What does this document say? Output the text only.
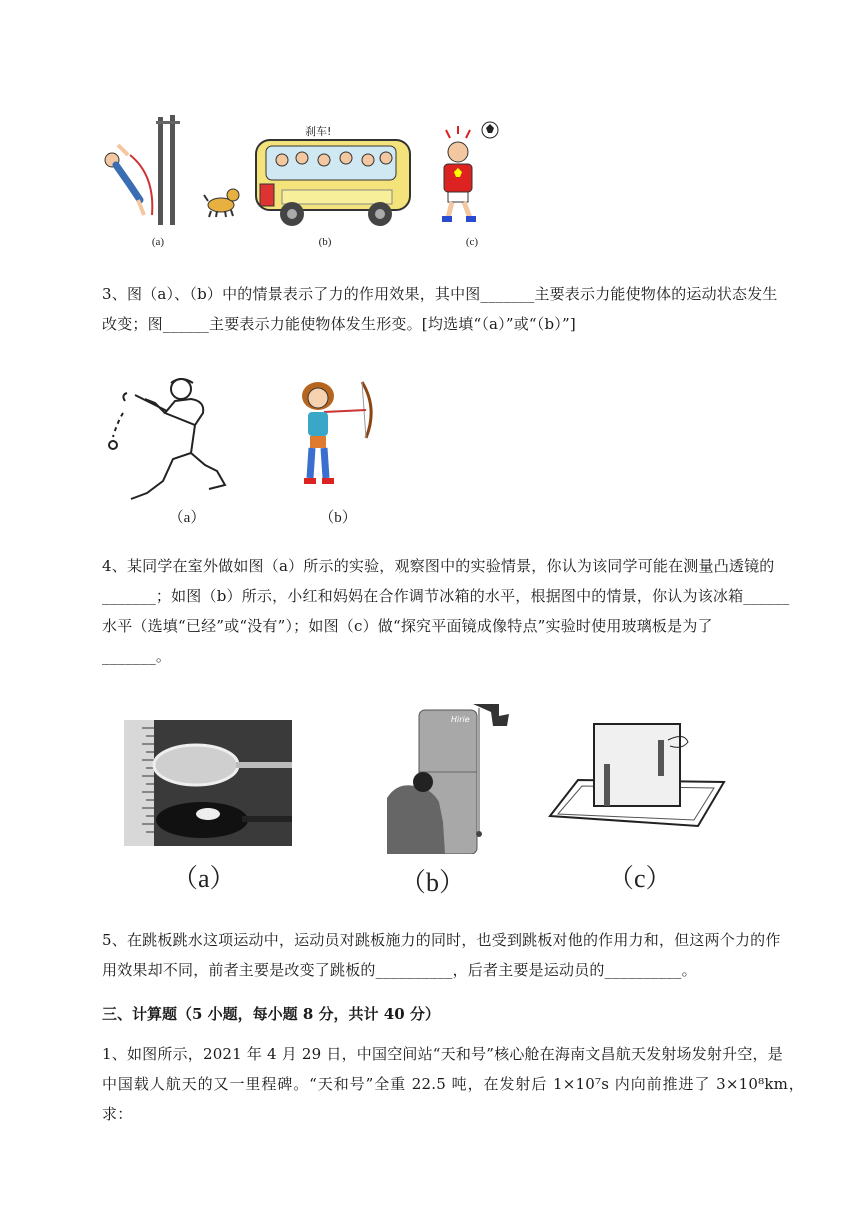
刹车!
(a)	(b)	(c)
3、图（a）、（b）中的情景表示了力的作用效果，其中图_______主要表示力能使物体的运动状态发生
改变；图______主要表示力能使物体发生形变。[均选填“（a）”或“（b）”]
（a）	（b）
4、某同学在室外做如图（a）所示的实验，观察图中的实验情景，你认为该同学可能在测量凸透镜的
_______；如图（b）所示，小红和妈妈在合作调节冰箱的水平，根据图中的情景，你认为该冰箱______
水平（选填“已经”或“没有”）；如图（c）做“探究平面镜成像特点”实验时使用玻璃板是为了
_______。
Hirie
（a）	（b）	（c）
5、在跳板跳水这项运动中，运动员对跳板施力的同时，也受到跳板对他的作用力和，但这两个力的作
用效果却不同，前者主要是改变了跳板的__________，后者主要是运动员的__________。
三、计算题（5 小题，每小题 8 分，共计 40 分）
1、如图所示，2021 年 4 月 29 日，中国空间站“天和号”核心舱在海南文昌航天发射场发射升空，是
中国载人航天的又一里程碑。“天和号”全重 22.5 吨，在发射后 1×10⁷s 内向前推进了 3×10⁸km，求：
